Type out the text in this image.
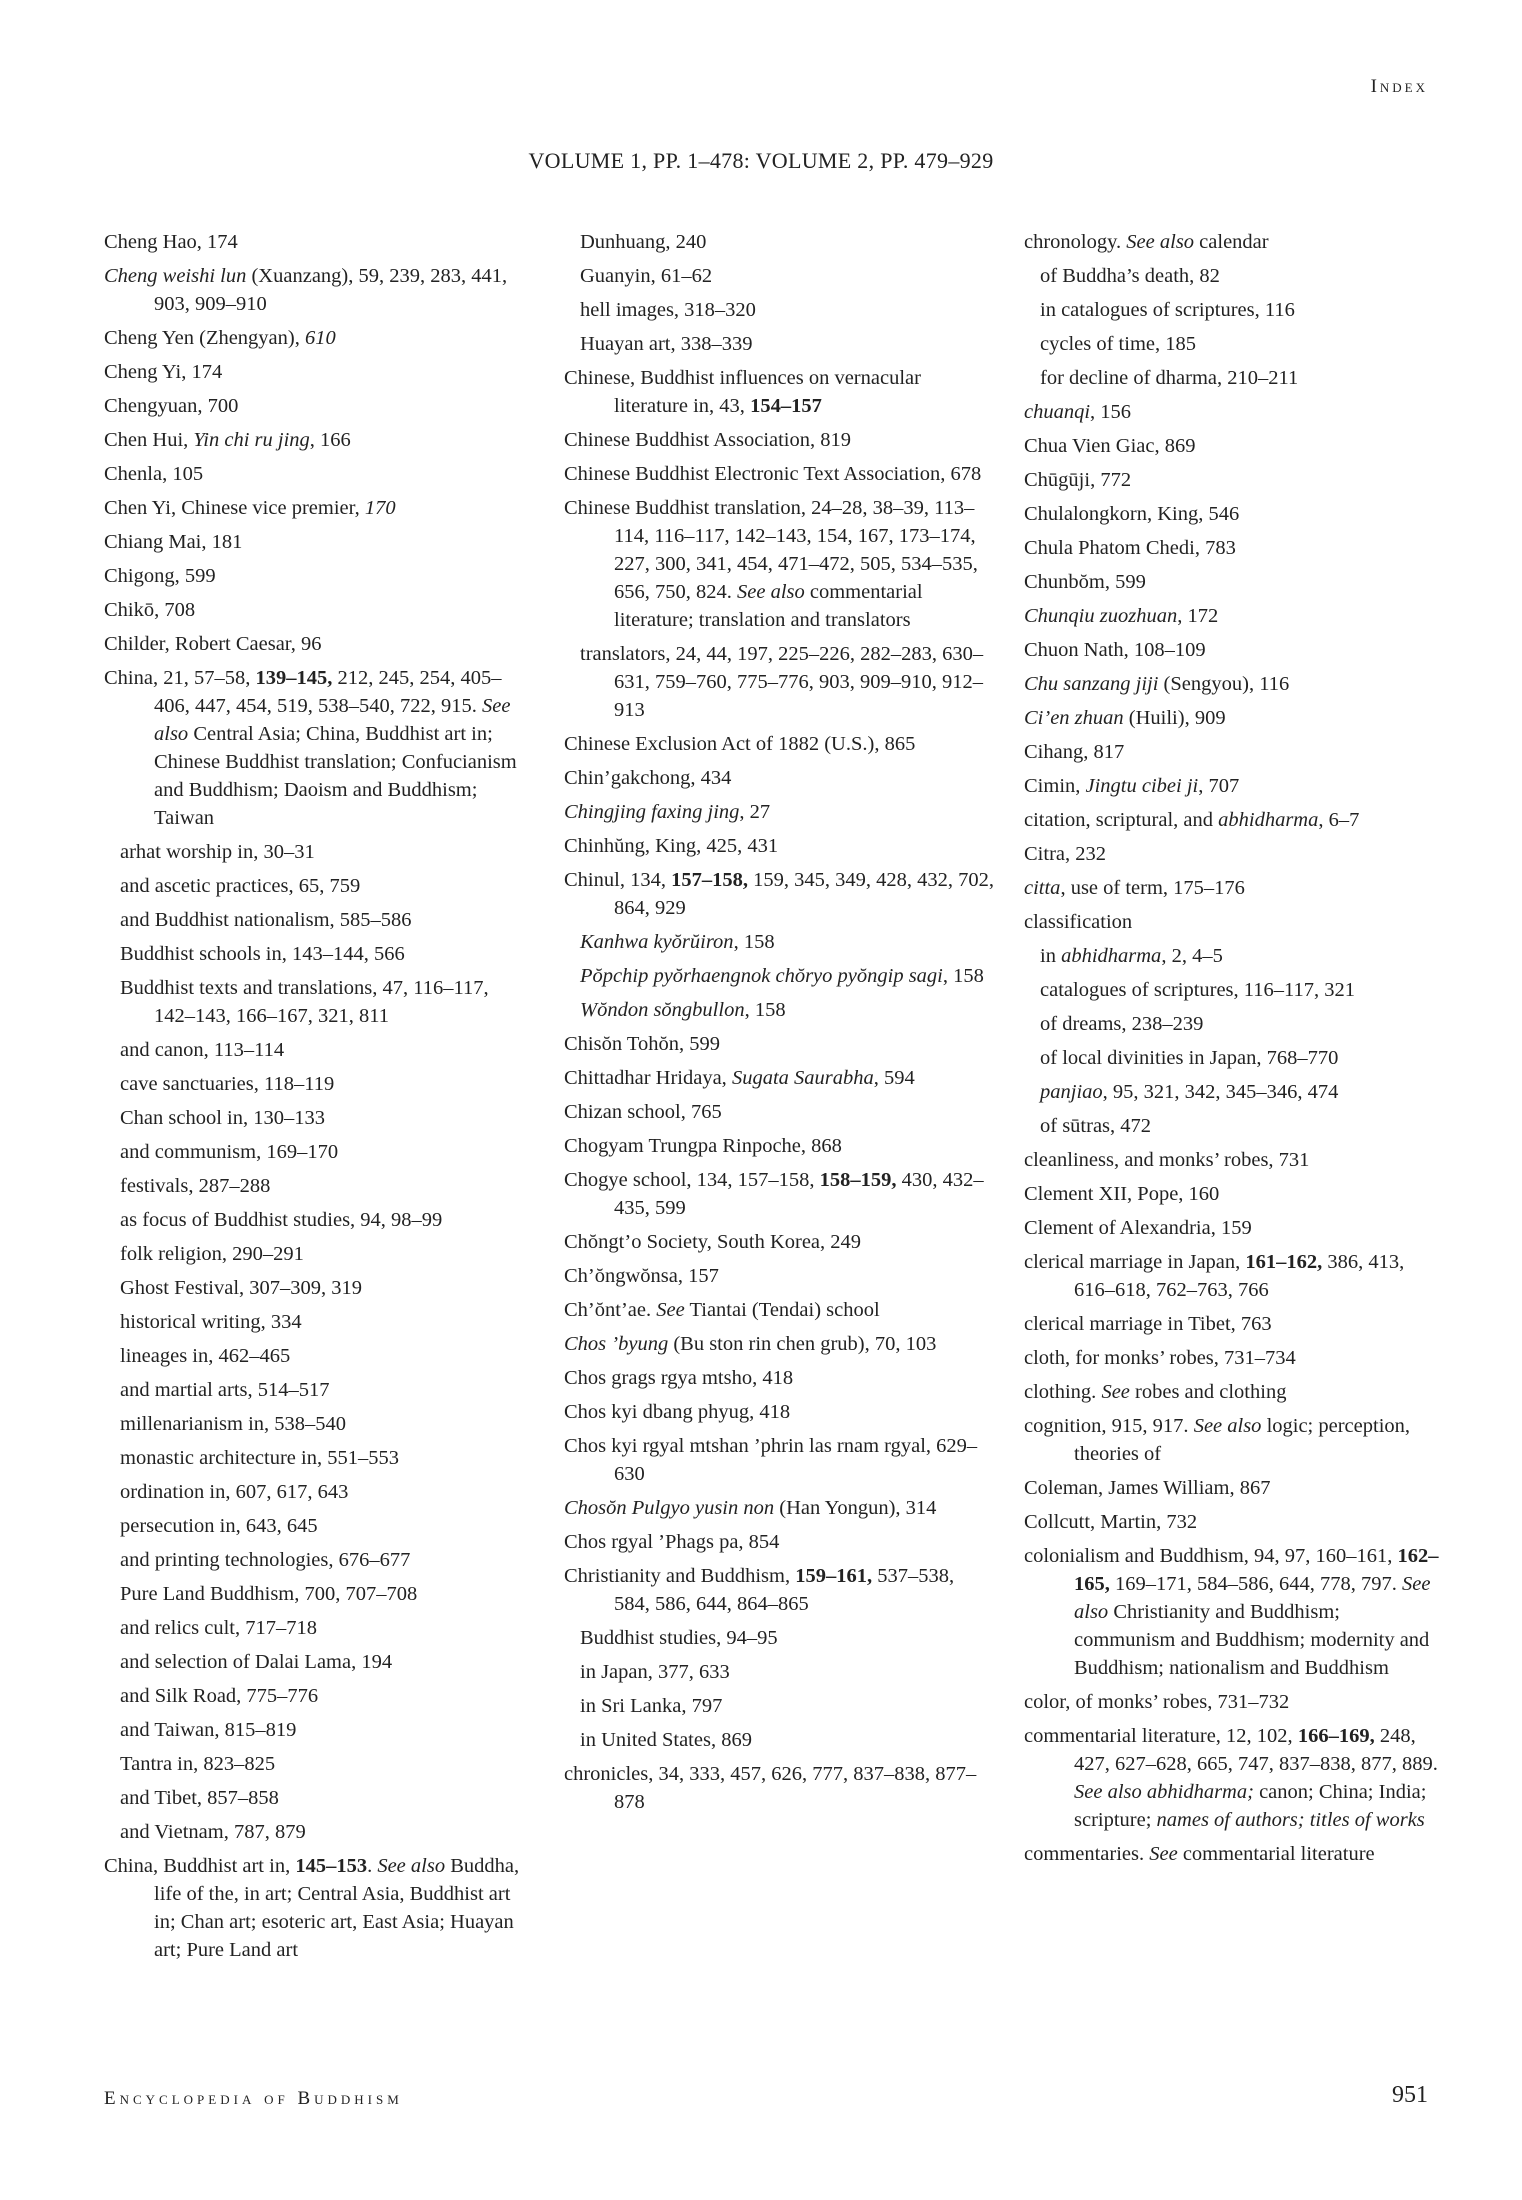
Index
VOLUME 1, PP. 1–478: VOLUME 2, PP. 479–929
Cheng Hao, 174
Cheng weishi lun (Xuanzang), 59, 239, 283, 441, 903, 909–910
Cheng Yen (Zhengyan), 610
Cheng Yi, 174
Chengyuan, 700
Chen Hui, Yin chi ru jing, 166
Chenla, 105
Chen Yi, Chinese vice premier, 170
Chiang Mai, 181
Chigong, 599
Chikō, 708
Childer, Robert Caesar, 96
China, 21, 57–58, 139–145, 212, 245, 254, 405–406, 447, 454, 519, 538–540, 722, 915. See also Central Asia; China, Buddhist art in; Chinese Buddhist translation; Confucianism and Buddhism; Daoism and Buddhism; Taiwan
arhat worship in, 30–31
and ascetic practices, 65, 759
and Buddhist nationalism, 585–586
Buddhist schools in, 143–144, 566
Buddhist texts and translations, 47, 116–117, 142–143, 166–167, 321, 811
and canon, 113–114
cave sanctuaries, 118–119
Chan school in, 130–133
and communism, 169–170
festivals, 287–288
as focus of Buddhist studies, 94, 98–99
folk religion, 290–291
Ghost Festival, 307–309, 319
historical writing, 334
lineages in, 462–465
and martial arts, 514–517
millenarianism in, 538–540
monastic architecture in, 551–553
ordination in, 607, 617, 643
persecution in, 643, 645
and printing technologies, 676–677
Pure Land Buddhism, 700, 707–708
and relics cult, 717–718
and selection of Dalai Lama, 194
and Silk Road, 775–776
and Taiwan, 815–819
Tantra in, 823–825
and Tibet, 857–858
and Vietnam, 787, 879
China, Buddhist art in, 145–153. See also Buddha, life of the, in art; Central Asia, Buddhist art in; Chan art; esoteric art, East Asia; Huayan art; Pure Land art
Dunhuang, 240
Guanyin, 61–62
hell images, 318–320
Huayan art, 338–339
Chinese, Buddhist influences on vernacular literature in, 43, 154–157
Chinese Buddhist Association, 819
Chinese Buddhist Electronic Text Association, 678
Chinese Buddhist translation, 24–28, 38–39, 113–114, 116–117, 142–143, 154, 167, 173–174, 227, 300, 341, 454, 471–472, 505, 534–535, 656, 750, 824. See also commentarial literature; translation and translators
translators, 24, 44, 197, 225–226, 282–283, 630–631, 759–760, 775–776, 903, 909–910, 912–913
Chinese Exclusion Act of 1882 (U.S.), 865
Chin’gakchong, 434
Chingjing faxing jing, 27
Chinhŭng, King, 425, 431
Chinul, 134, 157–158, 159, 345, 349, 428, 432, 702, 864, 929
Kanhwa kyŏrŭiron, 158
Pŏpchip pyŏrhaengnok chŏryo pyŏngip sagi, 158
Wŏndon sŏngbullon, 158
Chisŏn Tohŏn, 599
Chittadhar Hridaya, Sugata Saurabha, 594
Chizan school, 765
Chogyam Trungpa Rinpoche, 868
Chogye school, 134, 157–158, 158–159, 430, 432–435, 599
Chŏngt’o Society, South Korea, 249
Ch’ŏngwŏnsa, 157
Ch’ŏnt’ae. See Tiantai (Tendai) school
Chos ’byung (Bu ston rin chen grub), 70, 103
Chos grags rgya mtsho, 418
Chos kyi dbang phyug, 418
Chos kyi rgyal mtshan ’phrin las rnam rgyal, 629–630
Chosŏn Pulgyo yusin non (Han Yongun), 314
Chos rgyal ’Phags pa, 854
Christianity and Buddhism, 159–161, 537–538, 584, 586, 644, 864–865
Buddhist studies, 94–95
in Japan, 377, 633
in Sri Lanka, 797
in United States, 869
chronicles, 34, 333, 457, 626, 777, 837–838, 877–878
chronology. See also calendar
of Buddha’s death, 82
in catalogues of scriptures, 116
cycles of time, 185
for decline of dharma, 210–211
chuanqi, 156
Chua Vien Giac, 869
Chūgūji, 772
Chulalongkorn, King, 546
Chula Phatom Chedi, 783
Chunbŏm, 599
Chunqiu zuozhuan, 172
Chuon Nath, 108–109
Chu sanzang jiji (Sengyou), 116
Ci’en zhuan (Huili), 909
Cihang, 817
Cimin, Jingtu cibei ji, 707
citation, scriptural, and abhidharma, 6–7
Citra, 232
citta, use of term, 175–176
classification
in abhidharma, 2, 4–5
catalogues of scriptures, 116–117, 321
of dreams, 238–239
of local divinities in Japan, 768–770
panjiao, 95, 321, 342, 345–346, 474
of sūtras, 472
cleanliness, and monks’ robes, 731
Clement XII, Pope, 160
Clement of Alexandria, 159
clerical marriage in Japan, 161–162, 386, 413, 616–618, 762–763, 766
clerical marriage in Tibet, 763
cloth, for monks’ robes, 731–734
clothing. See robes and clothing
cognition, 915, 917. See also logic; perception, theories of
Coleman, James William, 867
Collcutt, Martin, 732
colonialism and Buddhism, 94, 97, 160–161, 162–165, 169–171, 584–586, 644, 778, 797. See also Christianity and Buddhism; communism and Buddhism; modernity and Buddhism; nationalism and Buddhism
color, of monks’ robes, 731–732
commentarial literature, 12, 102, 166–169, 248, 427, 627–628, 665, 747, 837–838, 877, 889. See also abhidharma; canon; China; India; scripture; names of authors; titles of works
commentaries. See commentarial literature
Encyclopedia of Buddhism	951
